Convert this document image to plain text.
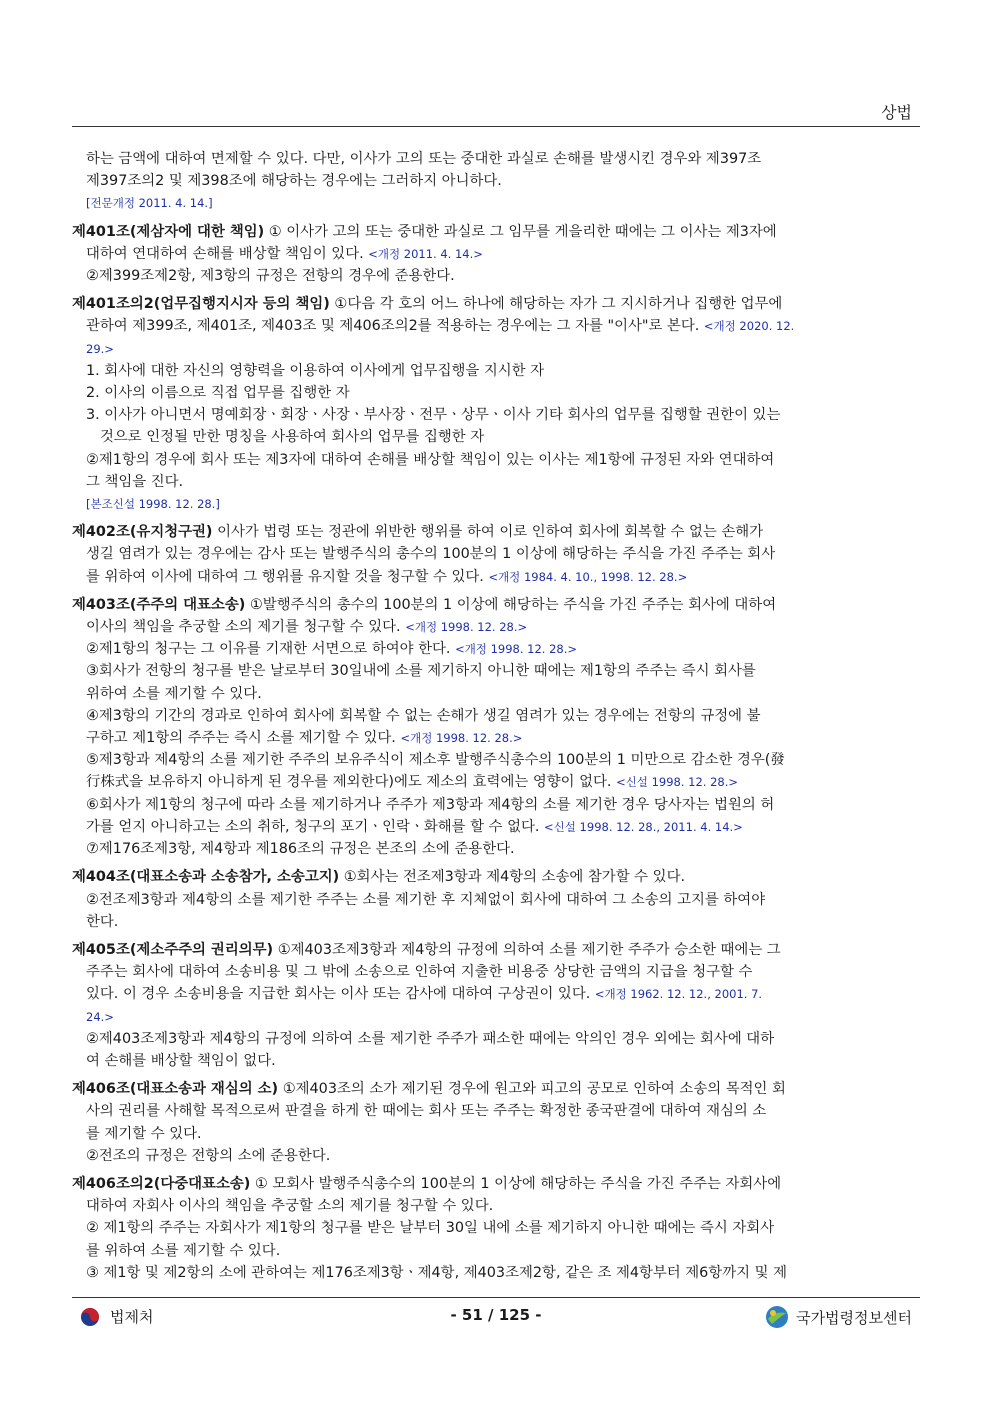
상법
하는 금액에 대하여 면제할 수 있다. 다만, 이사가 고의 또는 중대한 과실로 손해를 발생시킨 경우와 제397조
제397조의2 및 제398조에 해당하는 경우에는 그러하지 아니하다.
[전문개정 2011. 4. 14.]
제401조(제삼자에 대한 책임) ① 이사가 고의 또는 중대한 과실로 그 임무를 게을리한 때에는 그 이사는 제3자에
대하여 연대하여 손해를 배상할 책임이 있다. <개정 2011. 4. 14.>
②제399조제2항, 제3항의 규정은 전항의 경우에 준용한다.
제401조의2(업무집행지시자 등의 책임) ①다음 각 호의 어느 하나에 해당하는 자가 그 지시하거나 집행한 업무에
관하여 제399조, 제401조, 제403조 및 제406조의2를 적용하는 경우에는 그 자를 "이사"로 본다. <개정 2020. 12.
29.>
1. 회사에 대한 자신의 영향력을 이용하여 이사에게 업무집행을 지시한 자
2. 이사의 이름으로 직접 업무를 집행한 자
3. 이사가 아니면서 명예회장ㆍ회장ㆍ사장ㆍ부사장ㆍ전무ㆍ상무ㆍ이사 기타 회사의 업무를 집행할 권한이 있는
것으로 인정될 만한 명칭을 사용하여 회사의 업무를 집행한 자
②제1항의 경우에 회사 또는 제3자에 대하여 손해를 배상할 책임이 있는 이사는 제1항에 규정된 자와 연대하여
그 책임을 진다.
[본조신설 1998. 12. 28.]
제402조(유지청구권) 이사가 법령 또는 정관에 위반한 행위를 하여 이로 인하여 회사에 회복할 수 없는 손해가
생길 염려가 있는 경우에는 감사 또는 발행주식의 총수의 100분의 1 이상에 해당하는 주식을 가진 주주는 회사
를 위하여 이사에 대하여 그 행위를 유지할 것을 청구할 수 있다. <개정 1984. 4. 10., 1998. 12. 28.>
제403조(주주의 대표소송) ①발행주식의 총수의 100분의 1 이상에 해당하는 주식을 가진 주주는 회사에 대하여
이사의 책임을 추궁할 소의 제기를 청구할 수 있다. <개정 1998. 12. 28.>
②제1항의 청구는 그 이유를 기재한 서면으로 하여야 한다. <개정 1998. 12. 28.>
③회사가 전항의 청구를 받은 날로부터 30일내에 소를 제기하지 아니한 때에는 제1항의 주주는 즉시 회사를
위하여 소를 제기할 수 있다.
④제3항의 기간의 경과로 인하여 회사에 회복할 수 없는 손해가 생길 염려가 있는 경우에는 전항의 규정에 불
구하고 제1항의 주주는 즉시 소를 제기할 수 있다. <개정 1998. 12. 28.>
⑤제3항과 제4항의 소를 제기한 주주의 보유주식이 제소후 발행주식총수의 100분의 1 미만으로 감소한 경우(發
行株式을 보유하지 아니하게 된 경우를 제외한다)에도 제소의 효력에는 영향이 없다. <신설 1998. 12. 28.>
⑥회사가 제1항의 청구에 따라 소를 제기하거나 주주가 제3항과 제4항의 소를 제기한 경우 당사자는 법원의 허
가를 얻지 아니하고는 소의 취하, 청구의 포기ㆍ인락ㆍ화해를 할 수 없다. <신설 1998. 12. 28., 2011. 4. 14.>
⑦제176조제3항, 제4항과 제186조의 규정은 본조의 소에 준용한다.
제404조(대표소송과 소송참가, 소송고지) ①회사는 전조제3항과 제4항의 소송에 참가할 수 있다.
②전조제3항과 제4항의 소를 제기한 주주는 소를 제기한 후 지체없이 회사에 대하여 그 소송의 고지를 하여야
한다.
제405조(제소주주의 권리의무) ①제403조제3항과 제4항의 규정에 의하여 소를 제기한 주주가 승소한 때에는 그
주주는 회사에 대하여 소송비용 및 그 밖에 소송으로 인하여 지출한 비용중 상당한 금액의 지급을 청구할 수
있다. 이 경우 소송비용을 지급한 회사는 이사 또는 감사에 대하여 구상권이 있다. <개정 1962. 12. 12., 2001. 7.
24.>
②제403조제3항과 제4항의 규정에 의하여 소를 제기한 주주가 패소한 때에는 악의인 경우 외에는 회사에 대하
여 손해를 배상할 책임이 없다.
제406조(대표소송과 재심의 소) ①제403조의 소가 제기된 경우에 원고와 피고의 공모로 인하여 소송의 목적인 회
사의 권리를 사해할 목적으로써 판결을 하게 한 때에는 회사 또는 주주는 확정한 종국판결에 대하여 재심의 소
를 제기할 수 있다.
②전조의 규정은 전항의 소에 준용한다.
제406조의2(다중대표소송) ① 모회사 발행주식총수의 100분의 1 이상에 해당하는 주식을 가진 주주는 자회사에
대하여 자회사 이사의 책임을 추궁할 소의 제기를 청구할 수 있다.
② 제1항의 주주는 자회사가 제1항의 청구를 받은 날부터 30일 내에 소를 제기하지 아니한 때에는 즉시 자회사
를 위하여 소를 제기할 수 있다.
③ 제1항 및 제2항의 소에 관하여는 제176조제3항ㆍ제4항, 제403조제2항, 같은 조 제4항부터 제6항까지 및 제
법제처	- 51 / 125 -	국가법령정보센터
